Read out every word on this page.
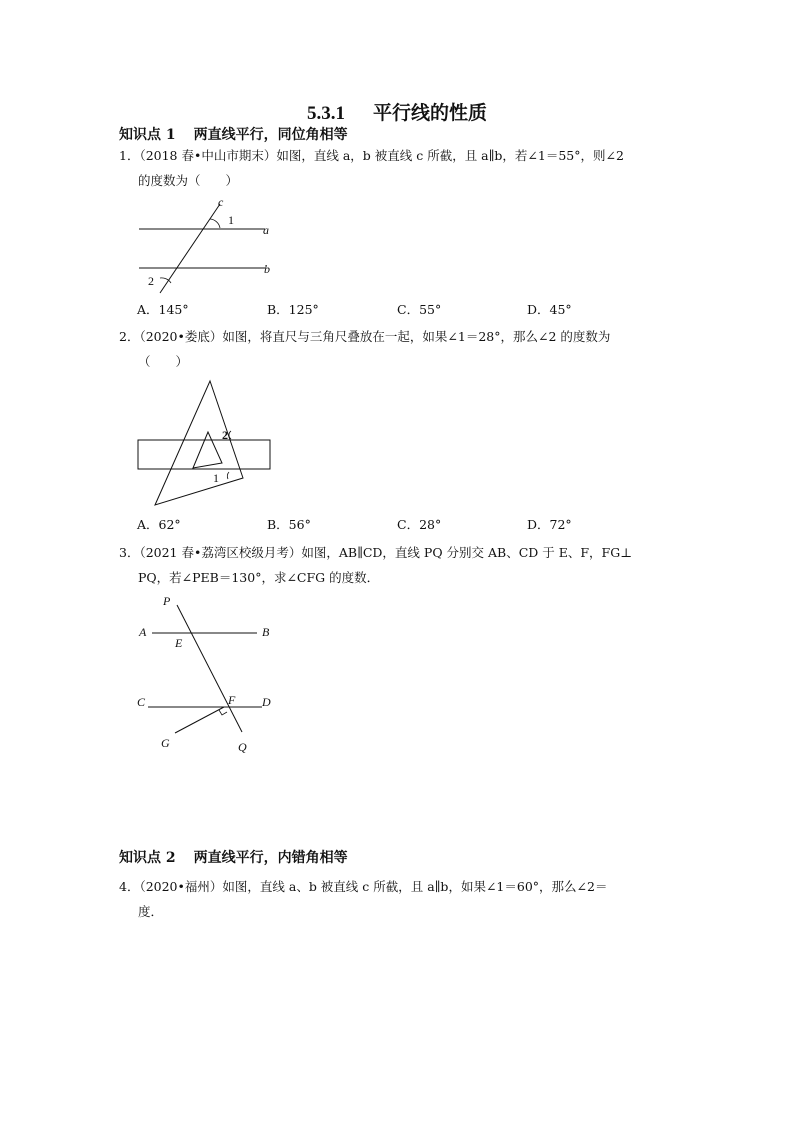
5.3.1 平行线的性质
知识点 1 两直线平行，同位角相等
1．（2018 春•中山市期末）如图，直线 a，b 被直线 c 所截，且 a∥b，若∠1＝55°，则∠2
的度数为（　　）
c
1
a
b
2
A．145°	B．125°	C．55°	D．45°
2．（2020•娄底）如图，将直尺与三角尺叠放在一起，如果∠1＝28°，那么∠2 的度数为
（　　）
2
1
A．62°	B．56°	C．28°	D．72°
3．（2021 春•荔湾区校级月考）如图，AB∥CD，直线 PQ 分别交 AB、CD 于 E、F，FG⊥
PQ，若∠PEB＝130°，求∠CFG 的度数．
P
A	B
E
C	F D
G	Q
知识点 2 两直线平行，内错角相等
4．（2020•福州）如图，直线 a、b 被直线 c 所截，且 a∥b，如果∠1＝60°，那么∠2＝
度．
